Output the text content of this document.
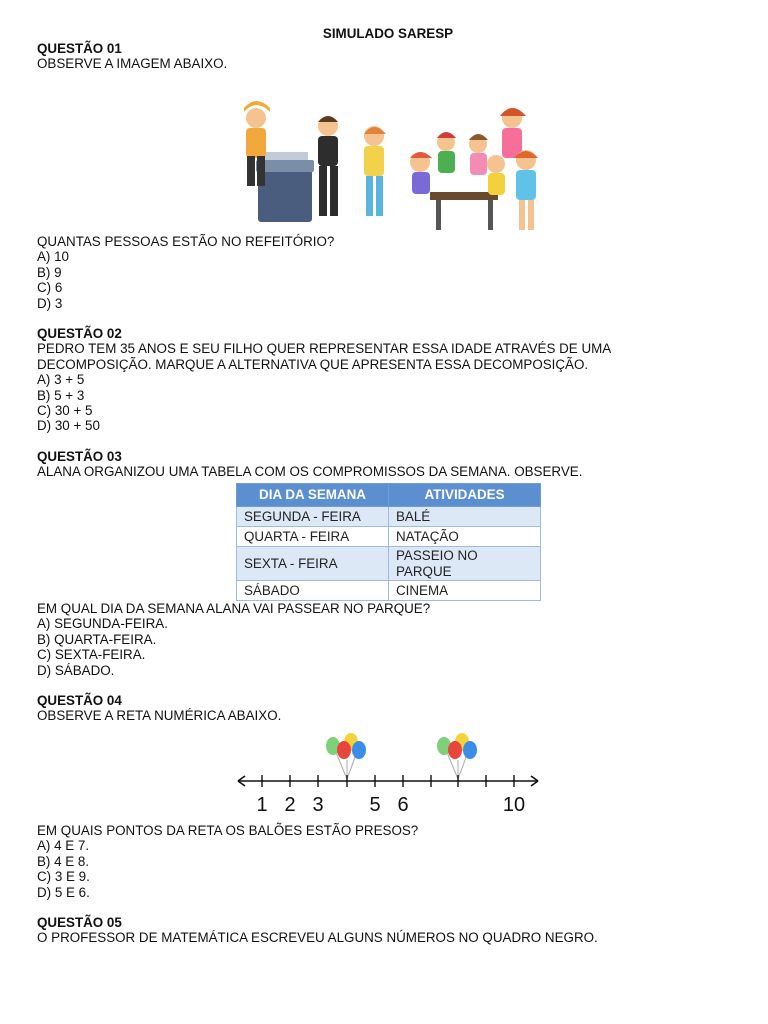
SIMULADO SARESP
QUESTÃO 01
OBSERVE A IMAGEM ABAIXO.
QUANTAS PESSOAS ESTÃO NO REFEITÓRIO?
A) 10
B) 9
C) 6
D) 3
QUESTÃO 02
PEDRO TEM 35 ANOS E SEU FILHO QUER REPRESENTAR ESSA IDADE ATRAVÉS DE UMA
DECOMPOSIÇÃO. MARQUE A ALTERNATIVA QUE APRESENTA ESSA DECOMPOSIÇÃO.
A) 3 + 5
B) 5 + 3
C) 30 + 5
D) 30 + 50
QUESTÃO 03
ALANA ORGANIZOU UMA TABELA COM OS COMPROMISSOS DA SEMANA. OBSERVE.
DIA DA SEMANA	ATIVIDADES
SEGUNDA - FEIRA	BALÉ
QUARTA - FEIRA	NATAÇÃO
SEXTA - FEIRA	PASSEIO NO PARQUE
SÁBADO	CINEMA
EM QUAL DIA DA SEMANA ALANA VAI PASSEAR NO PARQUE?
A) SEGUNDA-FEIRA.
B) QUARTA-FEIRA.
C) SEXTA-FEIRA.
D) SÁBADO.
QUESTÃO 04
OBSERVE A RETA NUMÉRICA ABAIXO.
1 2 3 5 6	10
EM QUAIS PONTOS DA RETA OS BALÕES ESTÃO PRESOS?
A) 4 E 7.
B) 4 E 8.
C) 3 E 9.
D) 5 E 6.
QUESTÃO 05
O PROFESSOR DE MATEMÁTICA ESCREVEU ALGUNS NÚMEROS NO QUADRO NEGRO.
